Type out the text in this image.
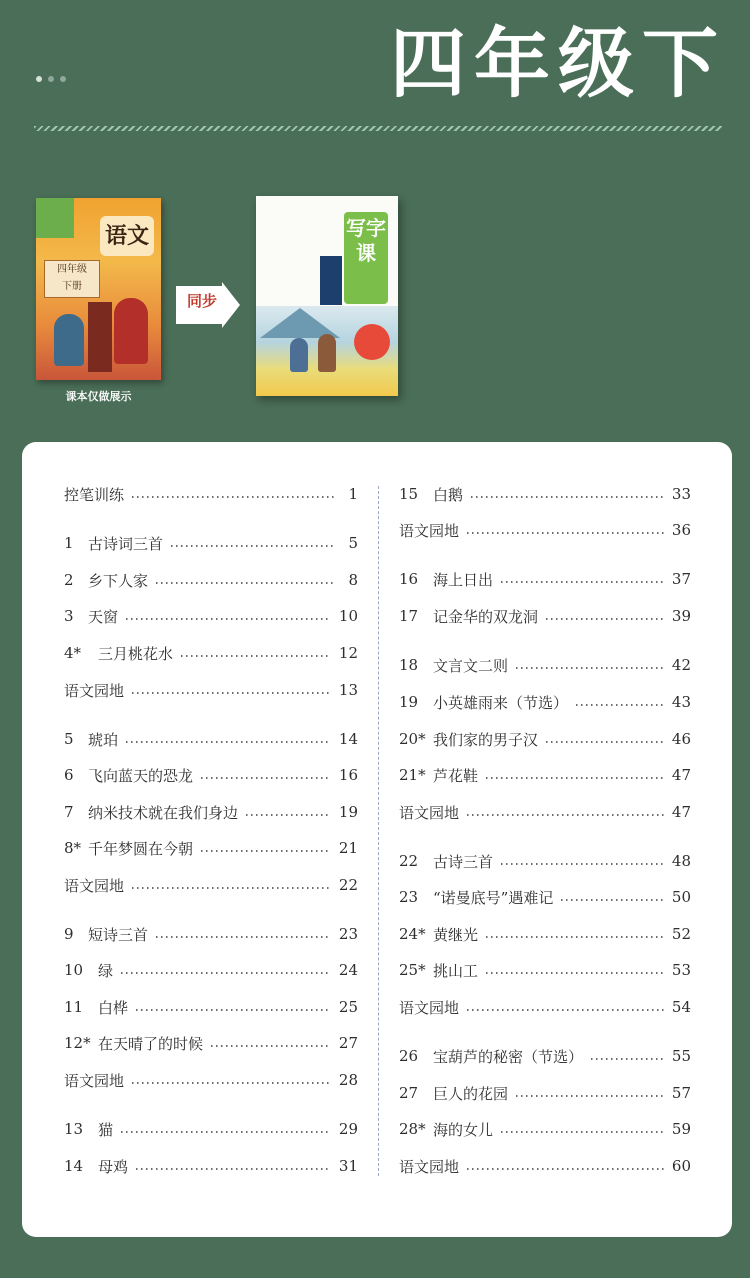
四年级下
语文
四年级
下册
课本仅做展示
同步
写字课
控笔训练	1
1 古诗词三首	5
2 乡下人家	8
3 天窗	10
4*	三月桃花水	12
语文园地	13
5 琥珀	14
6 飞向蓝天的恐龙	16
7 纳米技术就在我们身边	19
8* 千年梦圆在今朝	21
语文园地	22
9 短诗三首	23
10 绿	24
11 白桦	25
12* 在天晴了的时候	27
语文园地	28
13 猫	29
14 母鸡	31
15 白鹅	33
语文园地	36
16 海上日出	37
17 记金华的双龙洞	39
18 文言文二则	42
19 小英雄雨来（节选）	43
20* 我们家的男子汉	46
21* 芦花鞋	47
语文园地	47
22 古诗三首	48
23 “诺曼底号”遇难记	50
24* 黄继光	52
25* 挑山工	53
语文园地	54
26 宝葫芦的秘密（节选）	55
27 巨人的花园	57
28* 海的女儿	59
语文园地	60
